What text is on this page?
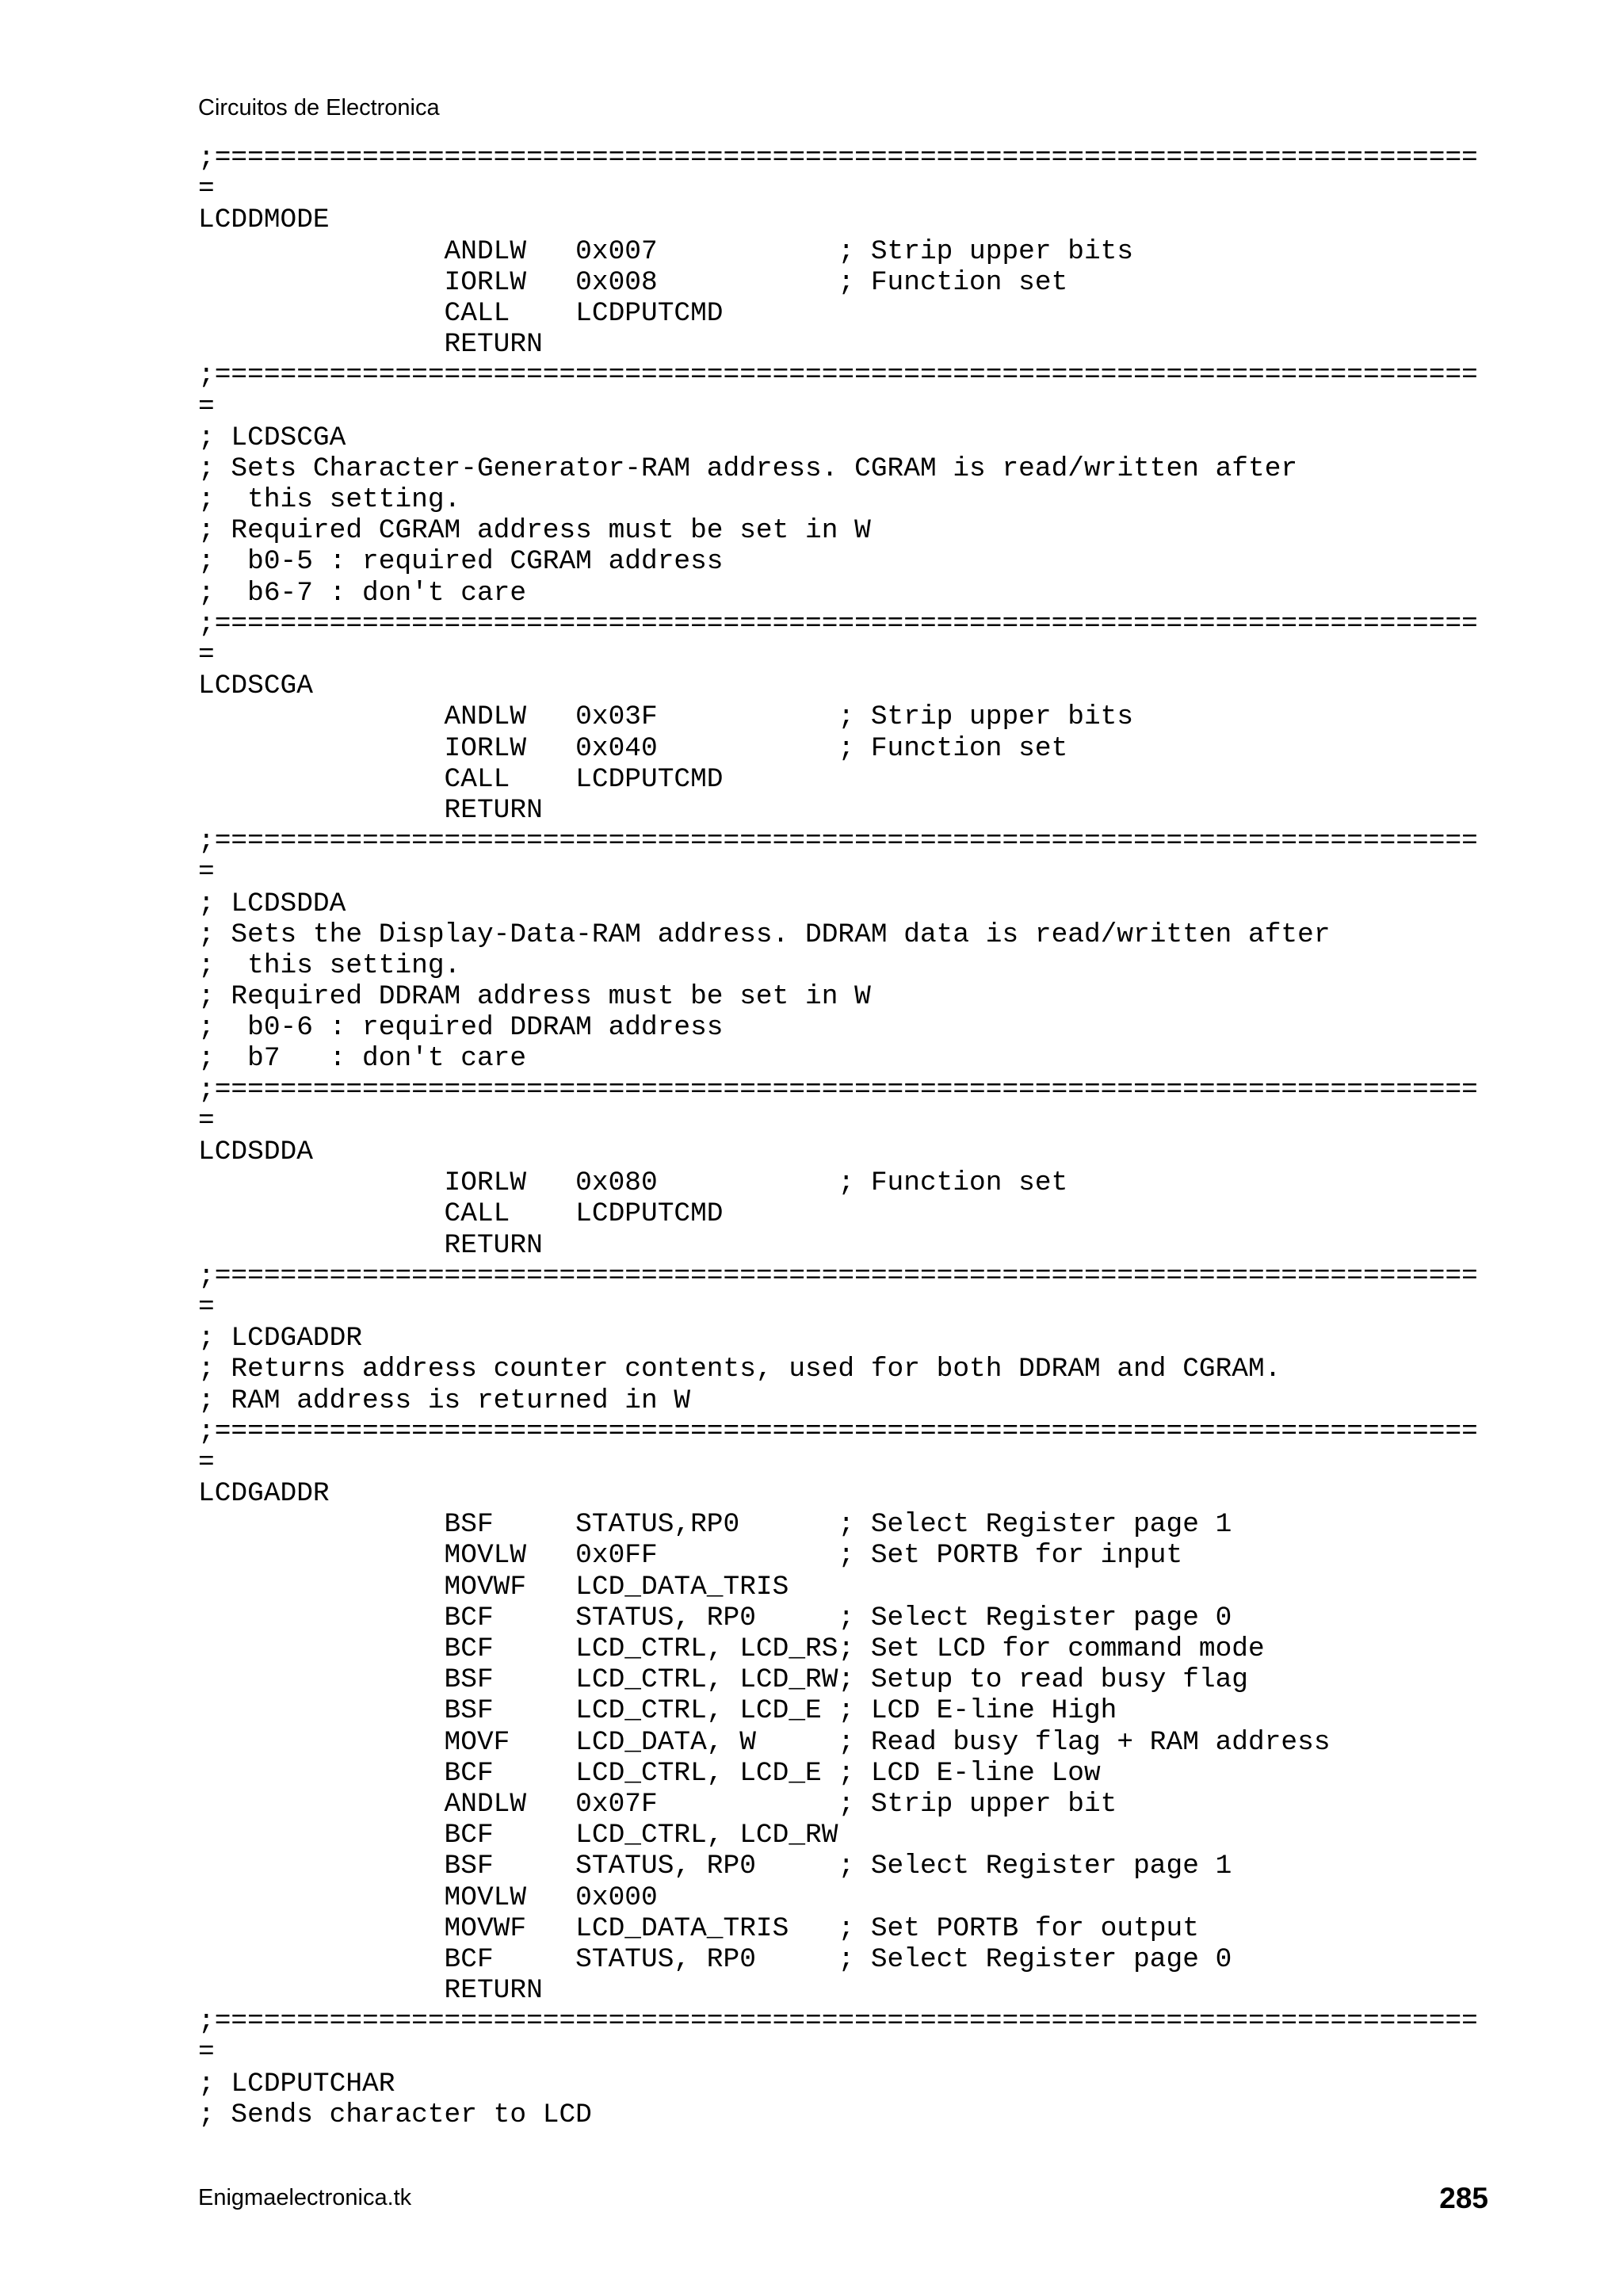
Circuitos de Electronica
;=============================================================================
=
LCDDMODE
ANDLW   0x007           ; Strip upper bits
IORLW   0x008           ; Function set
CALL    LCDPUTCMD
RETURN
;=============================================================================
=
; LCDSCGA
; Sets Character-Generator-RAM address. CGRAM is read/written after
;  this setting.
; Required CGRAM address must be set in W
;  b0-5 : required CGRAM address
;  b6-7 : don't care
;=============================================================================
=
LCDSCGA
ANDLW   0x03F           ; Strip upper bits
IORLW   0x040           ; Function set
CALL    LCDPUTCMD
RETURN
;=============================================================================
=
; LCDSDDA
; Sets the Display-Data-RAM address. DDRAM data is read/written after
;  this setting.
; Required DDRAM address must be set in W
;  b0-6 : required DDRAM address
;  b7   : don't care
;=============================================================================
=
LCDSDDA
IORLW   0x080           ; Function set
CALL    LCDPUTCMD
RETURN
;=============================================================================
=
; LCDGADDR
; Returns address counter contents, used for both DDRAM and CGRAM.
; RAM address is returned in W
;=============================================================================
=
LCDGADDR
BSF     STATUS,RP0      ; Select Register page 1
MOVLW   0x0FF           ; Set PORTB for input
MOVWF   LCD_DATA_TRIS
BCF     STATUS, RP0     ; Select Register page 0
BCF     LCD_CTRL, LCD_RS; Set LCD for command mode
BSF     LCD_CTRL, LCD_RW; Setup to read busy flag
BSF     LCD_CTRL, LCD_E ; LCD E-line High
MOVF    LCD_DATA, W     ; Read busy flag + RAM address
BCF     LCD_CTRL, LCD_E ; LCD E-line Low
ANDLW   0x07F           ; Strip upper bit
BCF     LCD_CTRL, LCD_RW
BSF     STATUS, RP0     ; Select Register page 1
MOVLW   0x000
MOVWF   LCD_DATA_TRIS   ; Set PORTB for output
BCF     STATUS, RP0     ; Select Register page 0
RETURN
;=============================================================================
=
; LCDPUTCHAR
; Sends character to LCD
Enigmaelectronica.tk	285
